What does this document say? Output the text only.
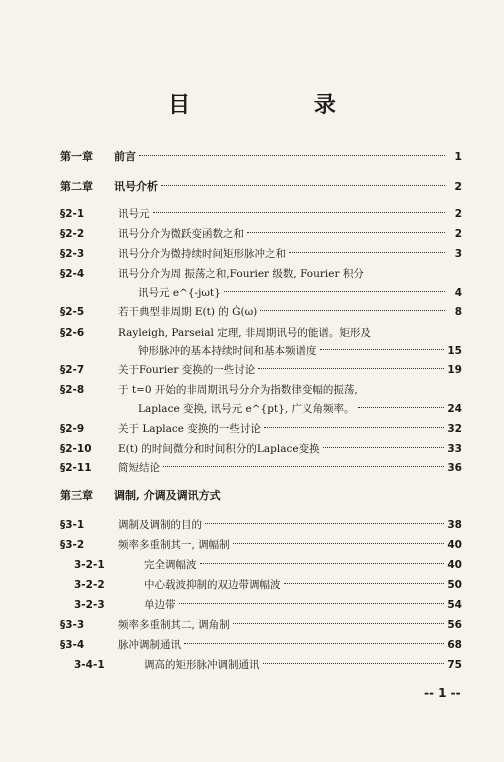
目 录
第一章	前言	1
第二章	讯号介析	2
§2-1	讯号元	2
§2-2	讯号分介为微跃变函数之和	2
§2-3	讯号分介为微持续时间矩形脉冲之和	3
§2-4	讯号分介为周 振荡之和,Fourier 级数, Fourier 积分
讯号元 e^{-jωt}	4
§2-5	若干典型非周期 E(t) 的 Ġ(ω)	8
§2-6	Rayleigh, Parseial 定理, 非周期讯号的能谱。矩形及
钟形脉冲的基本持续时间和基本频谱度	15
§2-7	关于Fourier 变换的一些讨论	19
§2-8	于 t=0 开始的非周期讯号分介为指数律变幅的振荡,
Laplace 变换, 讯号元 e^{pt}, 广义角频率。	24
§2-9	关于 Laplace 变换的一些讨论	32
§2-10	E(t) 的时间微分和时间积分的Laplace变换	33
§2-11	简短结论	36
第三章	调制, 介调及调讯方式
§3-1	调制及调制的目的	38
§3-2	频率多重制其一, 调幅制	40
3-2-1	完全调幅波	40
3-2-2	中心载波抑制的双边带调幅波	50
3-2-3	单边带	54
§3-3	频率多重制其二, 调角制	56
§3-4	脉冲调制通讯	68
3-4-1	调高的矩形脉冲调制通讯	75
-- 1 --
